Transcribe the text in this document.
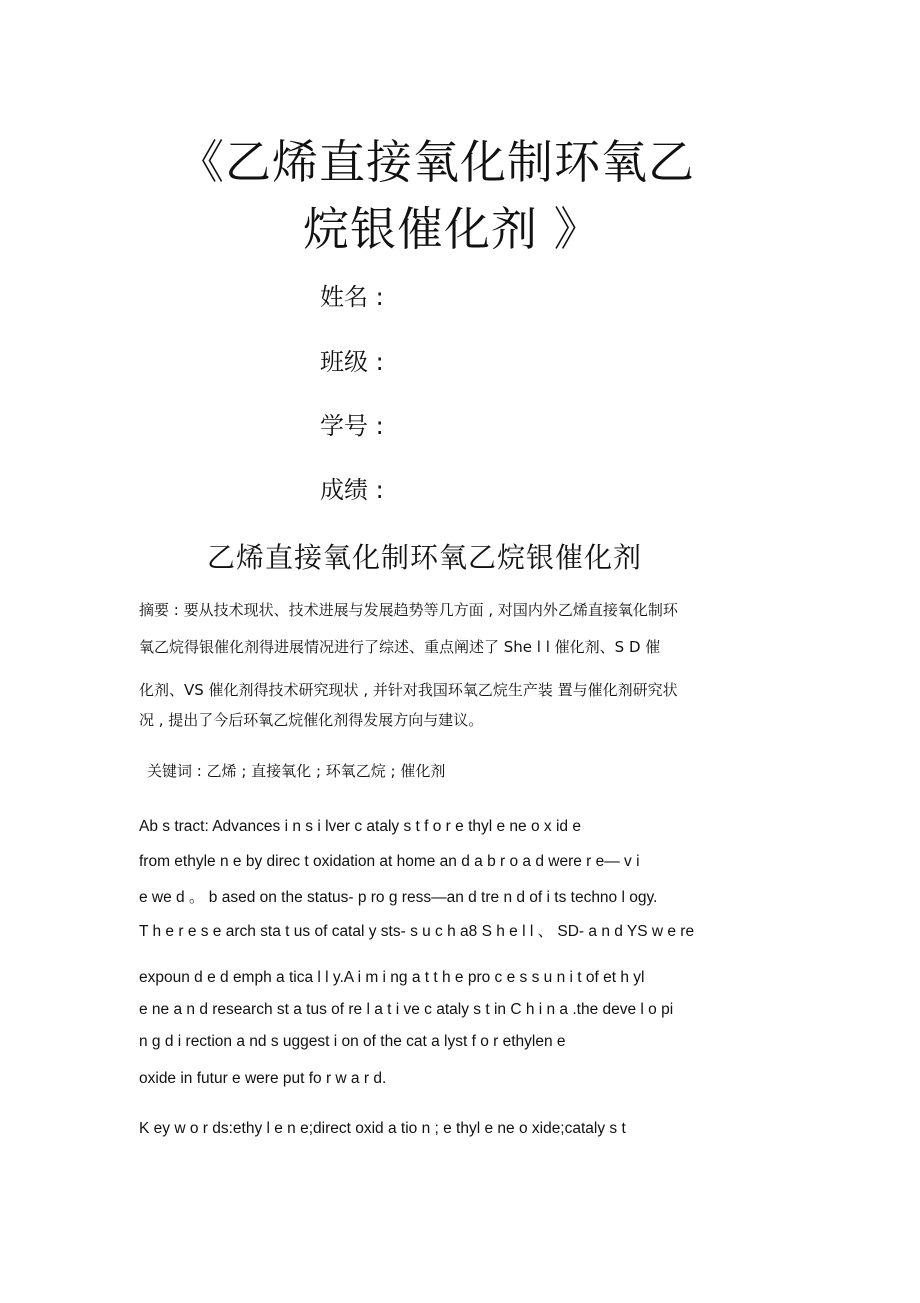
《乙烯直接氧化制环氧乙
烷银催化剂 》
姓名 :
班级 :
学号 :
成绩 :
乙烯直接氧化制环氧乙烷银催化剂
摘要 : 要从技术现状、技术进展与发展趋势等几方面 , 对国内外乙烯直接氧化制环
氧乙烷得银催化剂得进展情况进行了综述、重点阐述了 She l l 催化剂、S D 催
化剂、VS 催化剂得技术研究现状 , 并针对我国环氧乙烷生产装 置与催化剂研究状
况 , 提出了今后环氧乙烷催化剂得发展方向与建议。
关键词 : 乙烯 ; 直接氧化 ; 环氧乙烷 ; 催化剂
Ab s tract: Advances i n s i lver c ataly s t f o r e thyl e ne o x id e
from ethyle n e by direc t oxidation at home an d a b r o a d were r e— v i
e we d 。 b ased on the status- p ro g ress—an d tre n d of i ts techno l ogy.
T h e r e s e arch sta t us of catal y sts- s u c h a8 S h e l l 、 SD- a n d YS w e re
expoun d e d emph a tica l l y.A i m i ng a t t h e pro c e s s u n i t of et h yl
e ne a n d research st a tus of re l a t i ve c ataly s t in C h i n a .the deve l o pi
n g d i rection a nd s uggest i on of the cat a lyst f o r ethylen e
oxide in futur e were put fo r w a r d.
K ey w o r ds:ethy l e n e;direct oxid a tio n ; e thyl e ne o xide;cataly s t
